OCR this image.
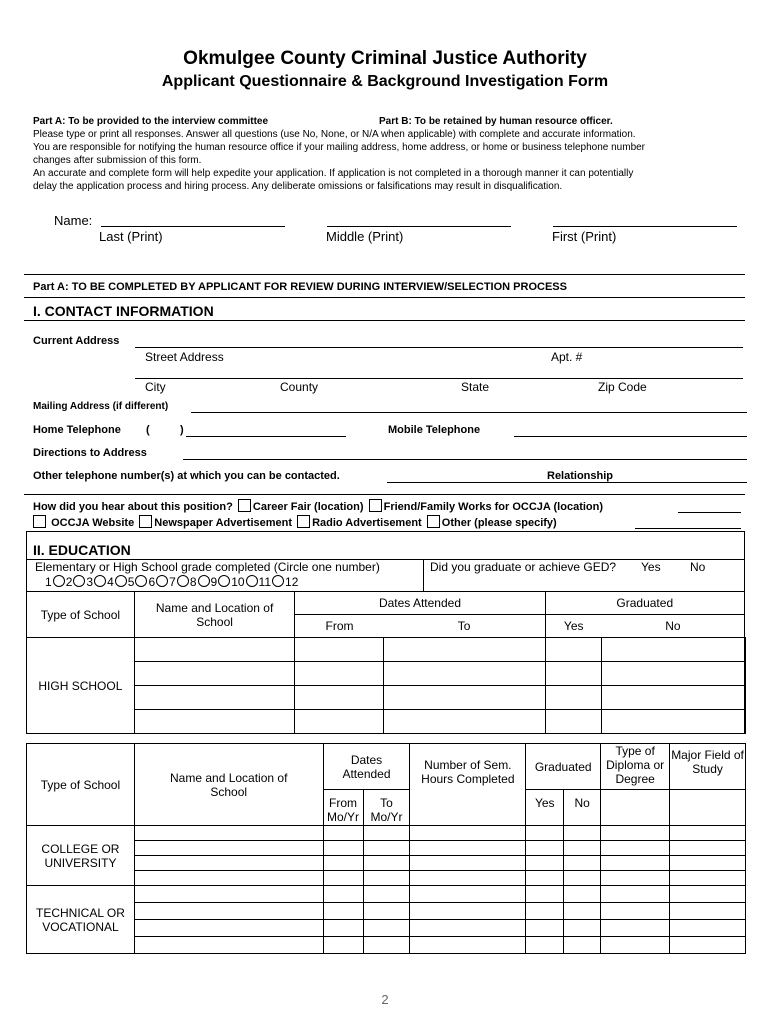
Okmulgee County Criminal Justice Authority
Applicant Questionnaire & Background Investigation Form
Part A: To be provided to the interview committee	Part B: To be retained by human resource officer.
Please type or print all responses. Answer all questions (use No, None, or N/A when applicable) with complete and accurate information.
You are responsible for notifying the human resource office if your mailing address, home address, or home or business telephone number
changes after submission of this form.
An accurate and complete form will help expedite your application. If application is not completed in a thorough manner it can potentially
delay the application process and hiring process. Any deliberate omissions or falsifications may result in disqualification.
Name:
Last (Print)	Middle (Print)	First (Print)
Part A: TO BE COMPLETED BY APPLICANT FOR REVIEW DURING INTERVIEW/SELECTION PROCESS
I. CONTACT INFORMATION
Current Address
Street Address	Apt. #
City	County	State	Zip Code
Mailing Address (if different)
Home Telephone (	)	Mobile Telephone
Directions to Address
Other telephone number(s) at which you can be contacted.	Relationship
How did you hear about this position? Career Fair (location) Friend/Family Works for OCCJA (location)
OCCJA Website Newspaper Advertisement Radio Advertisement Other (please specify)
II. EDUCATION
Elementary or High School grade completed (Circle one number)
1 2 3 4 5 6 7 8 9 10 11 12
Did you graduate or achieve GED? Yes No
Type of School	Name and Location of School	Dates Attended		Graduated		
		From	To	Yes	No	
HIGH SCHOOL						

Type of School	Name and Location of School	Dates Attended		Number of Sem. Hours Completed	Graduated		Type of Diploma or Degree	Major Field of Study
		From Mo/Yr	To Mo/Yr		Yes	No		
COLLEGE OR UNIVERSITY								

TECHNICAL OR VOCATIONAL								

2
